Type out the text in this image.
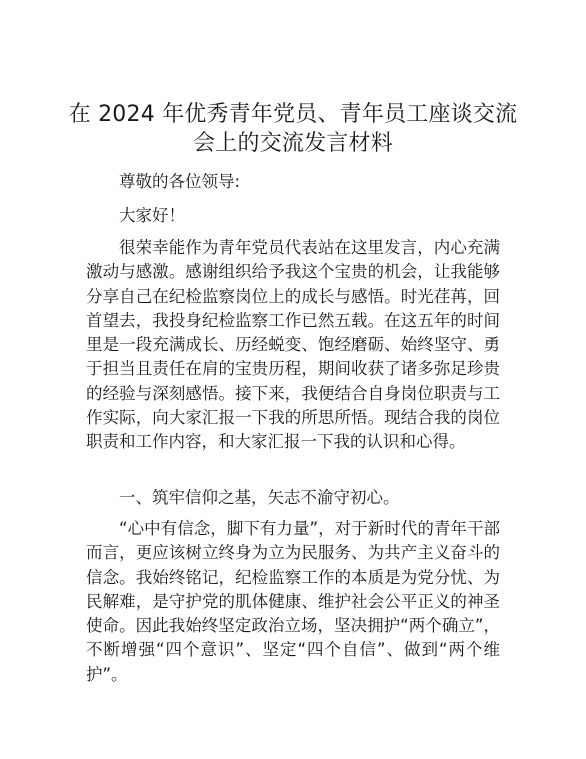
在 2024 年优秀青年党员、青年员工座谈交流会上的交流发言材料

尊敬的各位领导:

大家好！

很荣幸能作为青年党员代表站在这里发言，内心充满激动与感激。感谢组织给予我这个宝贵的机会，让我能够分享自己在纪检监察岗位上的成长与感悟。时光荏苒，回首望去，我投身纪检监察工作已然五载。在这五年的时间里是一段充满成长、历经蜕变、饱经磨砺、始终坚守、勇于担当且责任在肩的宝贵历程，期间收获了诸多弥足珍贵的经验与深刻感悟。接下来，我便结合自身岗位职责与工作实际，向大家汇报一下我的所思所悟。现结合我的岗位职责和工作内容，和大家汇报一下我的认识和心得。

一、筑牢信仰之基，矢志不渝守初心。

“心中有信念，脚下有力量”，对于新时代的青年干部而言，更应该树立终身为立为民服务、为共产主义奋斗的信念。我始终铭记，纪检监察工作的本质是为党分忧、为民解难，是守护党的肌体健康、维护社会公平正义的神圣使命。因此我始终坚定政治立场，坚决拥护“两个确立”，不断增强“四个意识”、坚定“四个自信”、做到“两个维护”。
